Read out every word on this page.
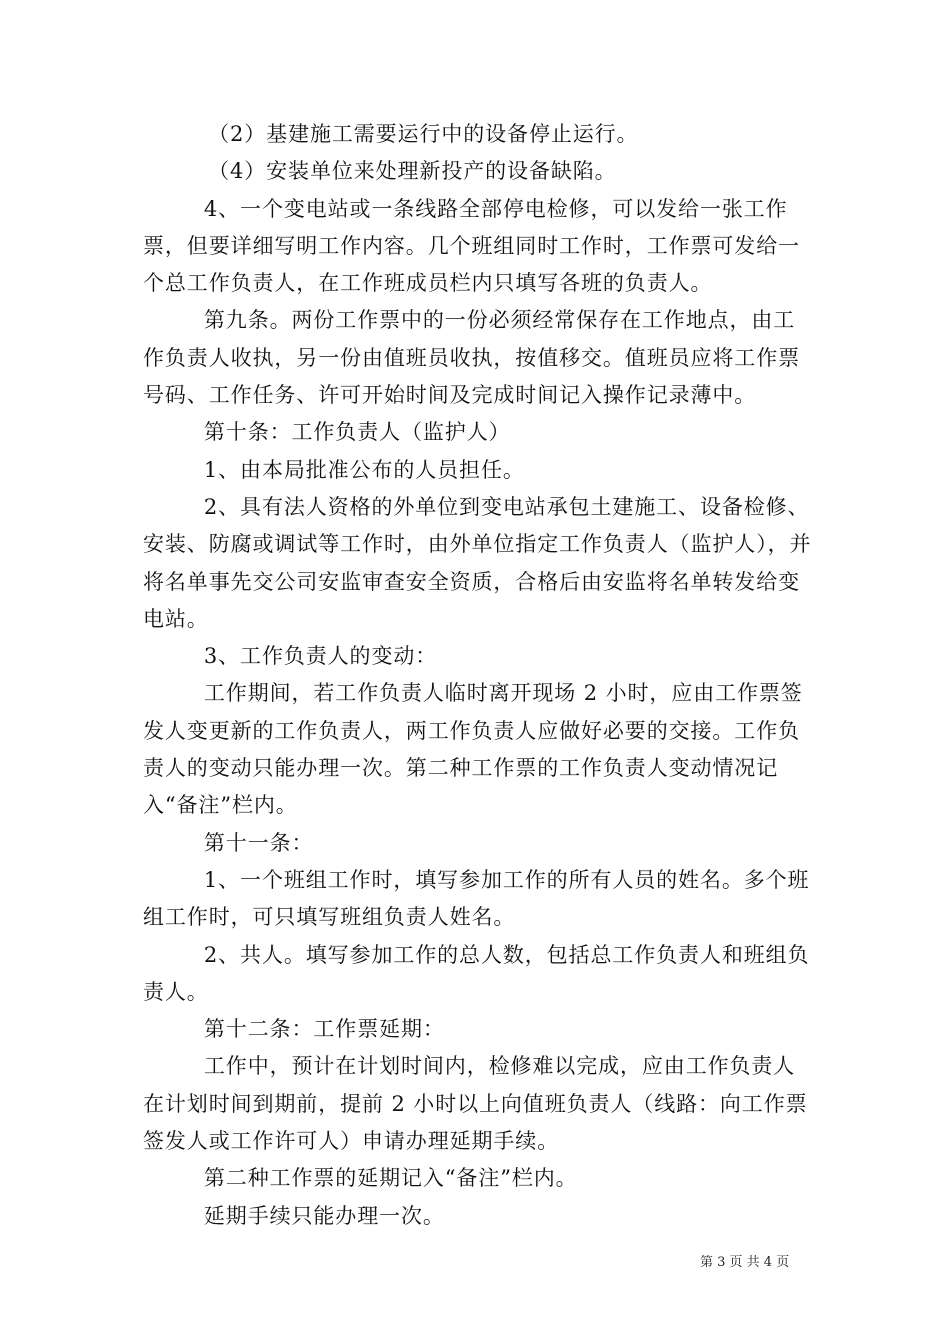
（2）基建施工需要运行中的设备停止运行。

（4）安装单位来处理新投产的设备缺陷。

4、一个变电站或一条线路全部停电检修，可以发给一张工作票，但要详细写明工作内容。几个班组同时工作时，工作票可发给一个总工作负责人，在工作班成员栏内只填写各班的负责人。

第九条。两份工作票中的一份必须经常保存在工作地点，由工作负责人收执，另一份由值班员收执，按值移交。值班员应将工作票号码、工作任务、许可开始时间及完成时间记入操作记录薄中。

第十条：工作负责人（监护人）

1、由本局批准公布的人员担任。

2、具有法人资格的外单位到变电站承包土建施工、设备检修、安装、防腐或调试等工作时，由外单位指定工作负责人（监护人），并将名单事先交公司安监审查安全资质，合格后由安监将名单转发给变电站。

3、工作负责人的变动：

工作期间，若工作负责人临时离开现场 2 小时，应由工作票签发人变更新的工作负责人，两工作负责人应做好必要的交接。工作负责人的变动只能办理一次。第二种工作票的工作负责人变动情况记入“备注”栏内。

第十一条：

1、一个班组工作时，填写参加工作的所有人员的姓名。多个班组工作时，可只填写班组负责人姓名。

2、共人。填写参加工作的总人数，包括总工作负责人和班组负责人。

第十二条：工作票延期：

工作中，预计在计划时间内，检修难以完成，应由工作负责人在计划时间到期前，提前 2 小时以上向值班负责人（线路：向工作票签发人或工作许可人）申请办理延期手续。

第二种工作票的延期记入“备注”栏内。

延期手续只能办理一次。

第 3 页 共 4 页
